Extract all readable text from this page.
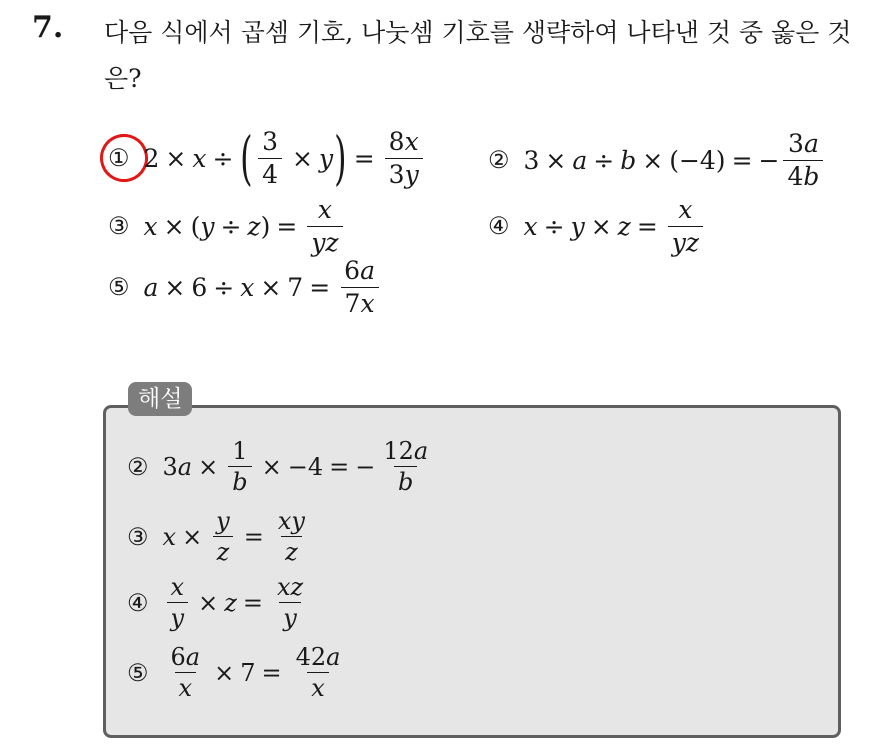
7. 다음 식에서 곱셈 기호, 나눗셈 기호를 생략하여 나타낸 것 중 옳은 것은?
① 2 × x ÷ ( $\frac{3}{4} \times y$ ) = $\frac{8x}{3y}$	② 3 × a ÷ b × (−4) = − $\frac{3a}{4b}$
③ x × ( y ÷ z ) = $\frac{x}{yz}$	④ $x \div y \times z = \frac{x}{yz}$
⑤ $a \times 6 \div x \times 7 = \frac{6a}{7x}$
해설
② $3a \times \frac{1}{b} \times -4$ = − $\frac{12a}{b}$
③ $x \times \frac{y}{z} = \frac{xy}{z}$
④ $\frac{x}{y} \times z = \frac{xz}{y}$
⑤ $\frac{6a}{x} \times 7 = \frac{42a}{x}$
